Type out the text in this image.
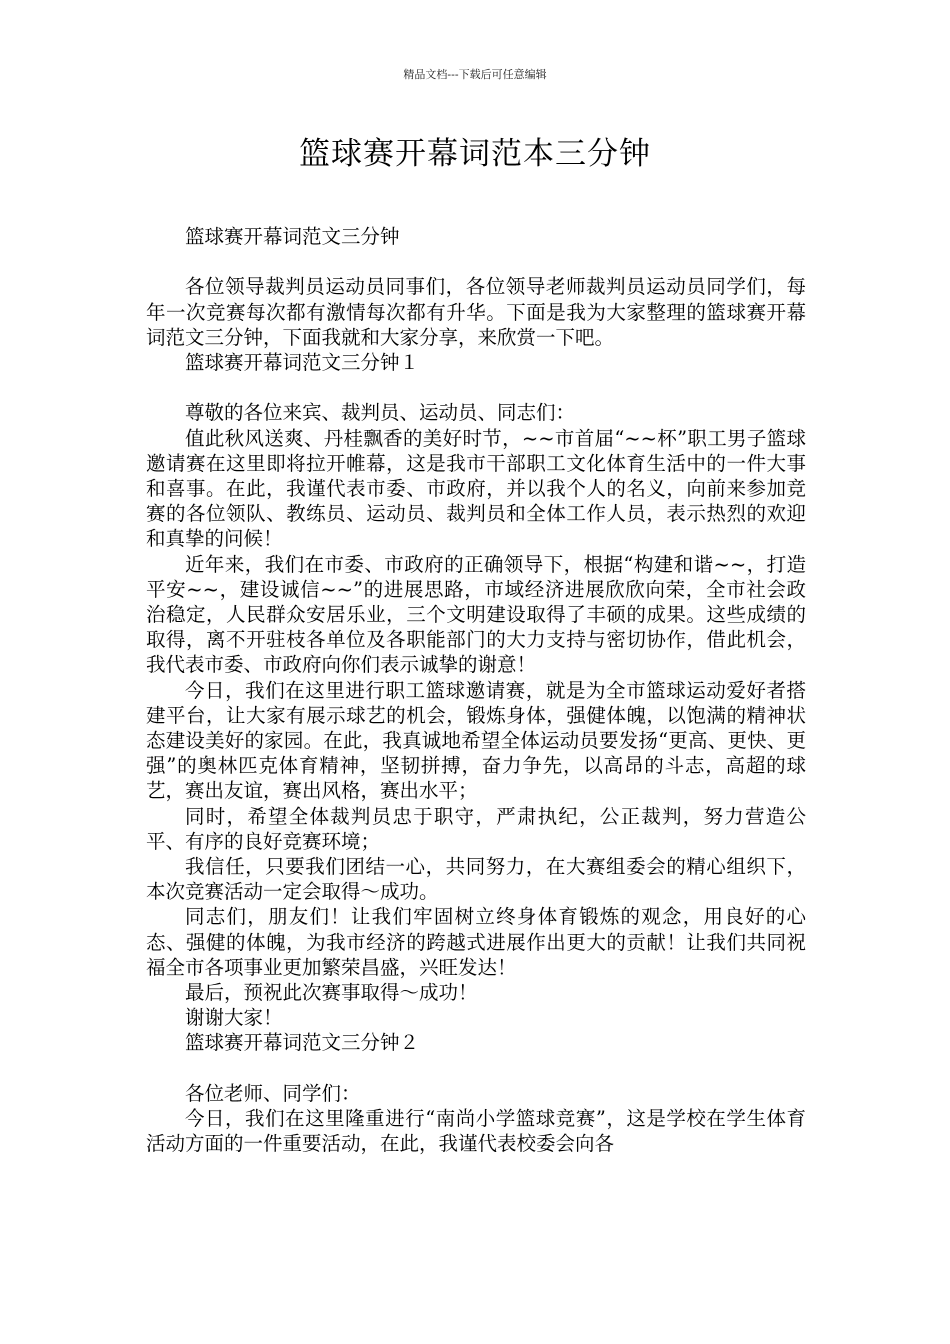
精品文档---下载后可任意编辑
篮球赛开幕词范本三分钟

篮球赛开幕词范文三分钟

各位领导裁判员运动员同事们，各位领导老师裁判员运动员同学们，每年一次竞赛每次都有激情每次都有升华。下面是我为大家整理的篮球赛开幕词范文三分钟，下面我就和大家分享，来欣赏一下吧。

篮球赛开幕词范文三分钟１

尊敬的各位来宾、裁判员、运动员、同志们：

值此秋风送爽、丹桂飘香的美好时节，~~市首届“~~杯”职工男子篮球邀请赛在这里即将拉开帷幕，这是我市干部职工文化体育生活中的一件大事和喜事。在此，我谨代表市委、市政府，并以我个人的名义，向前来参加竞赛的各位领队、教练员、运动员、裁判员和全体工作人员，表示热烈的欢迎和真挚的问候！

近年来，我们在市委、市政府的正确领导下，根据“构建和谐~~，打造平安~~，建设诚信~~”的进展思路，市域经济进展欣欣向荣，全市社会政治稳定，人民群众安居乐业，三个文明建设取得了丰硕的成果。这些成绩的取得，离不开驻枝各单位及各职能部门的大力支持与密切协作，借此机会，我代表市委、市政府向你们表示诚挚的谢意！

今日，我们在这里进行职工篮球邀请赛，就是为全市篮球运动爱好者搭建平台，让大家有展示球艺的机会，锻炼身体，强健体魄，以饱满的精神状态建设美好的家园。在此，我真诚地希望全体运动员要发扬“更高、更快、更强”的奥林匹克体育精神，坚韧拼搏，奋力争先，以高昂的斗志，高超的球艺，赛出友谊，赛出风格，赛出水平；

同时，希望全体裁判员忠于职守，严肃执纪，公正裁判，努力营造公平、有序的良好竞赛环境；

我信任，只要我们团结一心，共同努力，在大赛组委会的精心组织下，本次竞赛活动一定会取得～成功。

同志们，朋友们！让我们牢固树立终身体育锻炼的观念，用良好的心态、强健的体魄，为我市经济的跨越式进展作出更大的贡献！让我们共同祝福全市各项事业更加繁荣昌盛，兴旺发达！

最后，预祝此次赛事取得～成功！

谢谢大家！

篮球赛开幕词范文三分钟２

各位老师、同学们：

今日，我们在这里隆重进行“南尚小学篮球竞赛”，这是学校在学生体育活动方面的一件重要活动，在此，我谨代表校委会向各
